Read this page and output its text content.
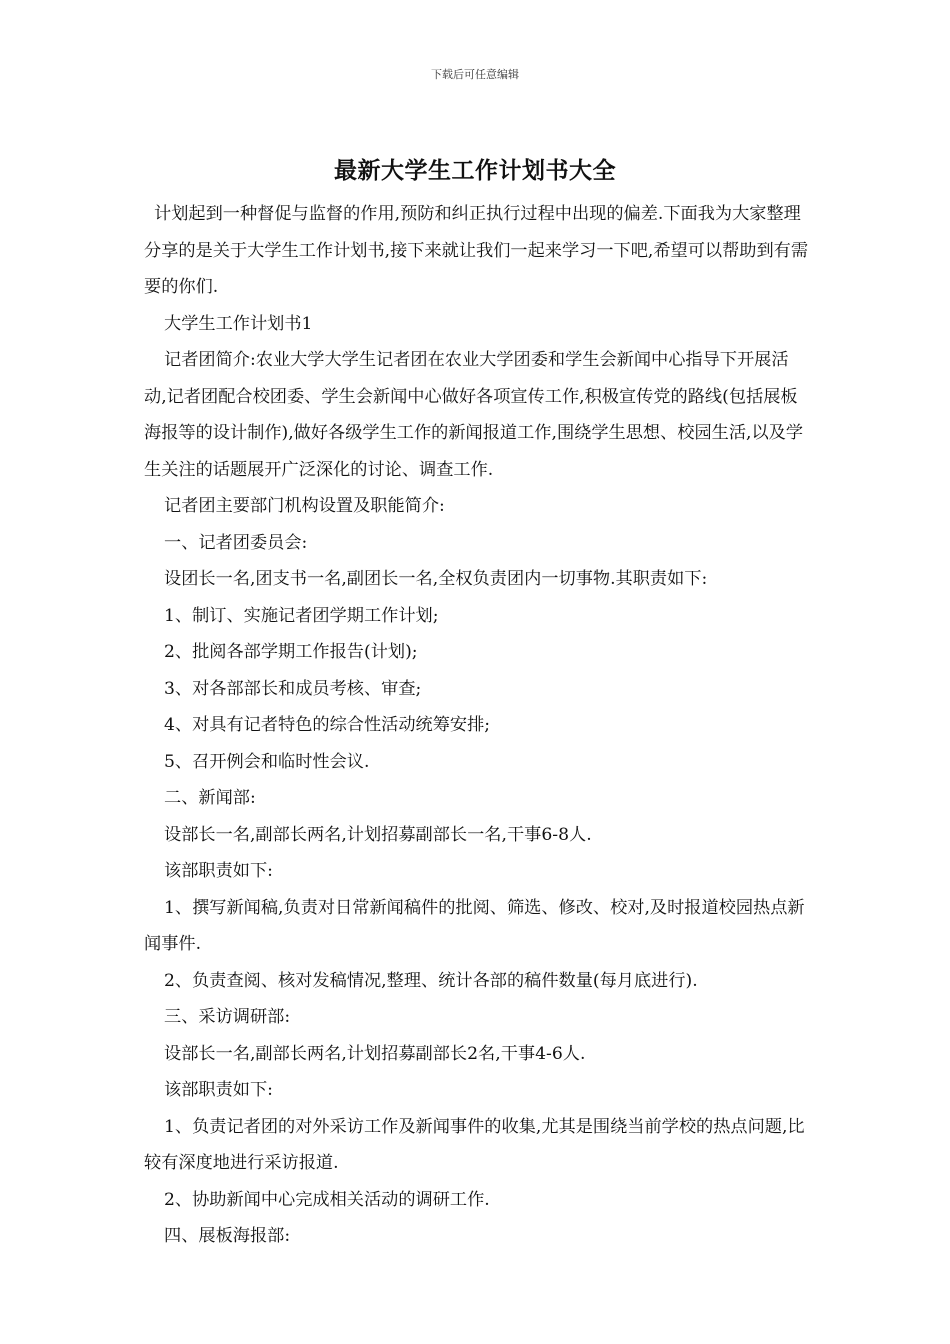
下载后可任意编辑
最新大学生工作计划书大全

计划起到一种督促与监督的作用,预防和纠正执行过程中出现的偏差.下面我为大家整理分享的是关于大学生工作计划书,接下来就让我们一起来学习一下吧,希望可以帮助到有需要的你们.

大学生工作计划书1

记者团简介:农业大学大学生记者团在农业大学团委和学生会新闻中心指导下开展活动,记者团配合校团委、学生会新闻中心做好各项宣传工作,积极宣传党的路线(包括展板海报等的设计制作),做好各级学生工作的新闻报道工作,围绕学生思想、校园生活,以及学生关注的话题展开广泛深化的讨论、调查工作.

记者团主要部门机构设置及职能简介:

一、记者团委员会:

设团长一名,团支书一名,副团长一名,全权负责团内一切事物.其职责如下:

1、制订、实施记者团学期工作计划;

2、批阅各部学期工作报告(计划);

3、对各部部长和成员考核、审查;

4、对具有记者特色的综合性活动统筹安排;

5、召开例会和临时性会议.

二、新闻部:

设部长一名,副部长两名,计划招募副部长一名,干事6-8人.

该部职责如下:

1、撰写新闻稿,负责对日常新闻稿件的批阅、筛选、修改、校对,及时报道校园热点新闻事件.

2、负责查阅、核对发稿情况,整理、统计各部的稿件数量(每月底进行).

三、采访调研部:

设部长一名,副部长两名,计划招募副部长2名,干事4-6人.

该部职责如下:

1、负责记者团的对外采访工作及新闻事件的收集,尤其是围绕当前学校的热点问题,比较有深度地进行采访报道.

2、协助新闻中心完成相关活动的调研工作.

四、展板海报部:
